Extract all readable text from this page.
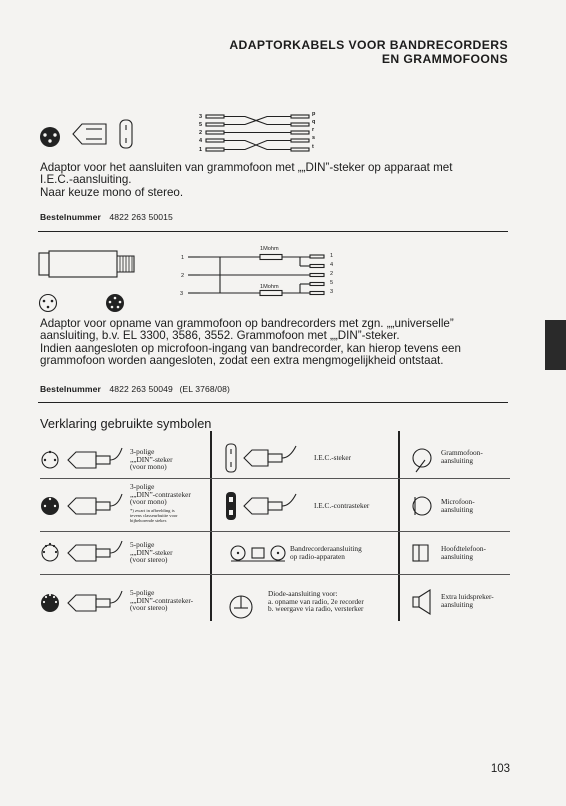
ADAPTORKABELS VOOR BANDRECORDERS
EN GRAMMOFOONS
3
5
2
4
1
p
q
r
s
t
Adaptor voor het aansluiten van grammofoon met „„DIN”-steker op apparaat met
I.E.C.-aansluiting.
Naar keuze mono of stereo.
Bestelnummer 4822 263 50015
1
2
3
1Mohm
1Mohm
1
4
2
5
3
Adaptor voor opname van grammofoon op bandrecorders met zgn. „„universelle”
aansluiting, b.v. EL 3300, 3586, 3552. Grammofoon met „„DIN”-steker.
Indien aangesloten op microfoon-ingang van bandrecorder, kan hierop tevens een
grammofoon worden aangesloten, zodat een extra mengmogelijkheid ontstaat.
Bestelnummer 4822 263 50049 (EL 3768/08)
Verklaring gebruikte symbolen
3-polige
„„DIN”-steker
(voor mono)
3-polige
„„DIN”-contrasteker
(voor mono)
*) zwart in afbeelding is
tevens classeurbuitte voor
bijbehorende steker.
5-polige
„„DIN”-steker
(voor stereo)
5-polige
„„DIN”-contrasteker-
(voor stereo)
I.E.C.-steker
I.E.C.-contrasteker
Bandrecorderaansluiting
op radio-apparaten
Diode-aansluiting voor:
a. opname van radio, 2e recorder
b. weergave via radio, versterker
Grammofoon-
aansluiting
Microfoon-
aansluiting
Hoofdtelefoon-
aansluiting
Extra luidspreker-
aansluiting
103
